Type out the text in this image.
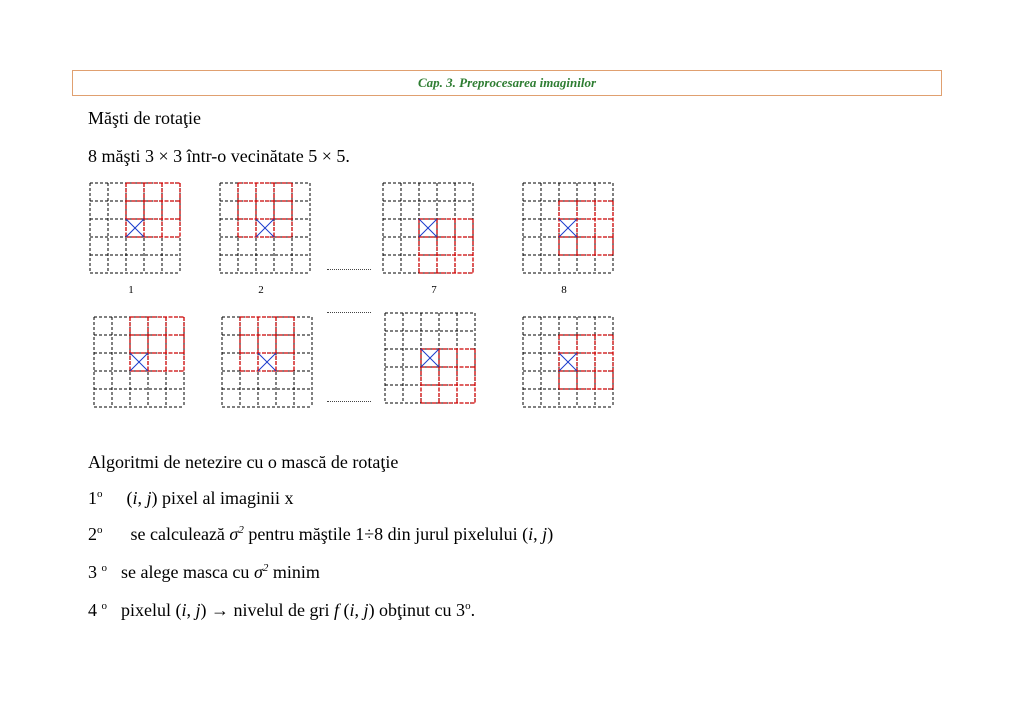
Cap. 3. Preprocesarea imaginilor
Măşti de rotaţie
8 măşti 3 × 3 într-o vecinătate 5 × 5.
1	2	7	8
Algoritmi de netezire cu o mască de rotaţie
1$^o$ (i, j) pixel al imaginii x
2$^o$ se calculează $\sigma^2$ pentru măştile 1÷8 din jurul pixelului (i, j)
3 $^o$ se alege masca cu $\sigma^2$ minim
4 $^o$ pixelul (i, j) → nivelul de gri f (i, j) obţinut cu 3$^o$.
